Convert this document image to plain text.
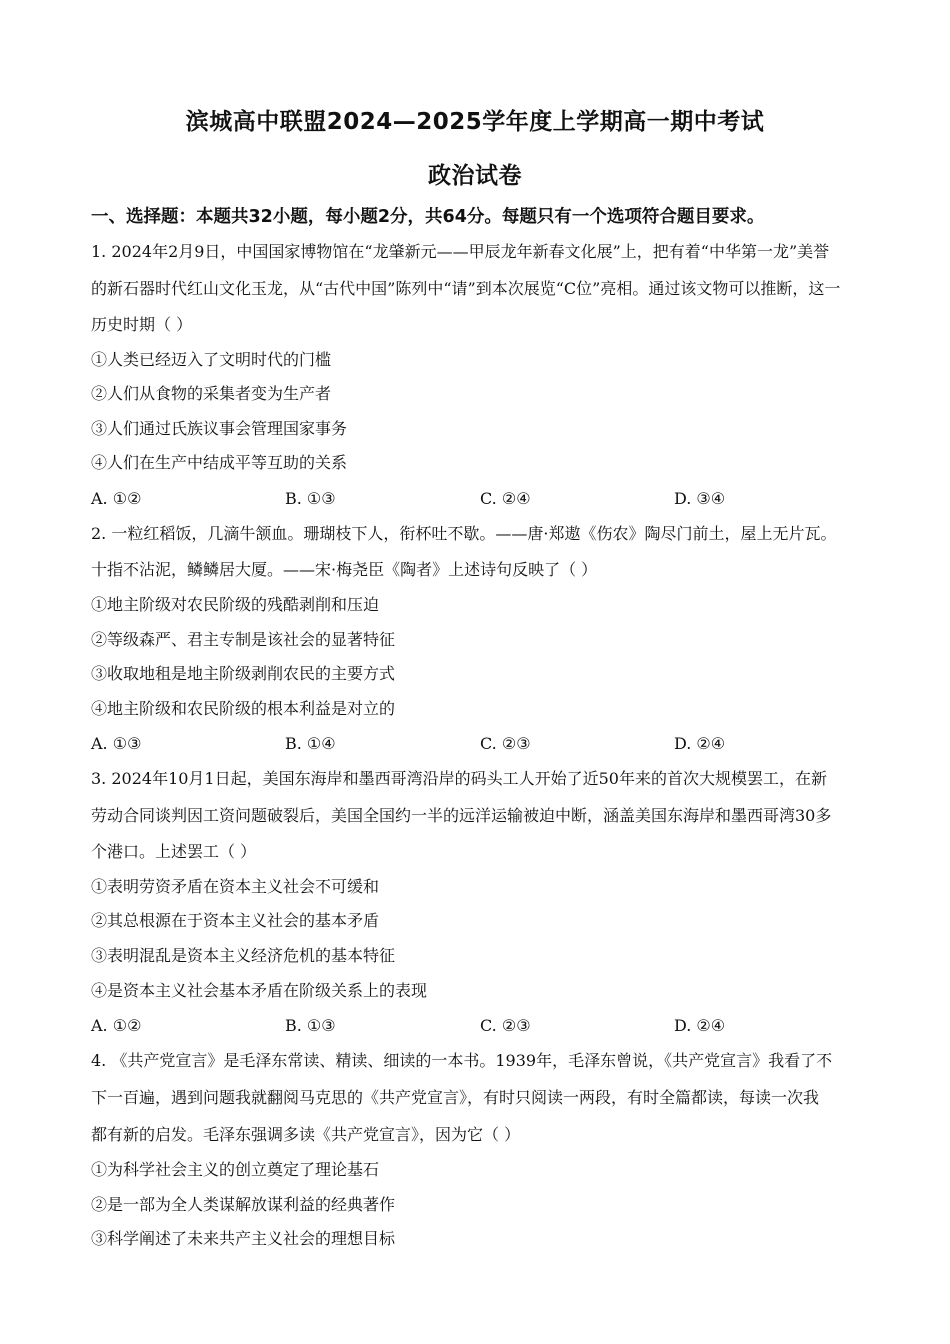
滨城高中联盟2024—2025学年度上学期高一期中考试
政治试卷
一、选择题：本题共32小题，每小题2分，共64分。每题只有一个选项符合题目要求。
1. 2024年2月9日，中国国家博物馆在“龙肇新元——甲辰龙年新春文化展”上，把有着“中华第一龙”美誉
的新石器时代红山文化玉龙，从“古代中国”陈列中“请”到本次展览“C位”亮相。通过该文物可以推断，这一
历史时期（ ）
①人类已经迈入了文明时代的门槛
②人们从食物的采集者变为生产者
③人们通过氏族议事会管理国家事务
④人们在生产中结成平等互助的关系
A. ①②	B. ①③	C. ②④	D. ③④
2. 一粒红稻饭，几滴牛颔血。珊瑚枝下人，衔杯吐不歇。——唐·郑遨《伤农》陶尽门前土，屋上无片瓦。
十指不沾泥，鳞鳞居大厦。——宋·梅尧臣《陶者》上述诗句反映了（ ）
①地主阶级对农民阶级的残酷剥削和压迫
②等级森严、君主专制是该社会的显著特征
③收取地租是地主阶级剥削农民的主要方式
④地主阶级和农民阶级的根本利益是对立的
A. ①③	B. ①④	C. ②③	D. ②④
3. 2024年10月1日起，美国东海岸和墨西哥湾沿岸的码头工人开始了近50年来的首次大规模罢工，在新
劳动合同谈判因工资问题破裂后，美国全国约一半的远洋运输被迫中断，涵盖美国东海岸和墨西哥湾30多
个港口。上述罢工（ ）
①表明劳资矛盾在资本主义社会不可缓和
②其总根源在于资本主义社会的基本矛盾
③表明混乱是资本主义经济危机的基本特征
④是资本主义社会基本矛盾在阶级关系上的表现
A. ①②	B. ①③	C. ②③	D. ②④
4. 《共产党宣言》是毛泽东常读、精读、细读的一本书。1939年，毛泽东曾说，《共产党宣言》我看了不
下一百遍，遇到问题我就翻阅马克思的《共产党宣言》，有时只阅读一两段，有时全篇都读，每读一次我
都有新的启发。毛泽东强调多读《共产党宣言》，因为它（ ）
①为科学社会主义的创立奠定了理论基石
②是一部为全人类谋解放谋利益的经典著作
③科学阐述了未来共产主义社会的理想目标
